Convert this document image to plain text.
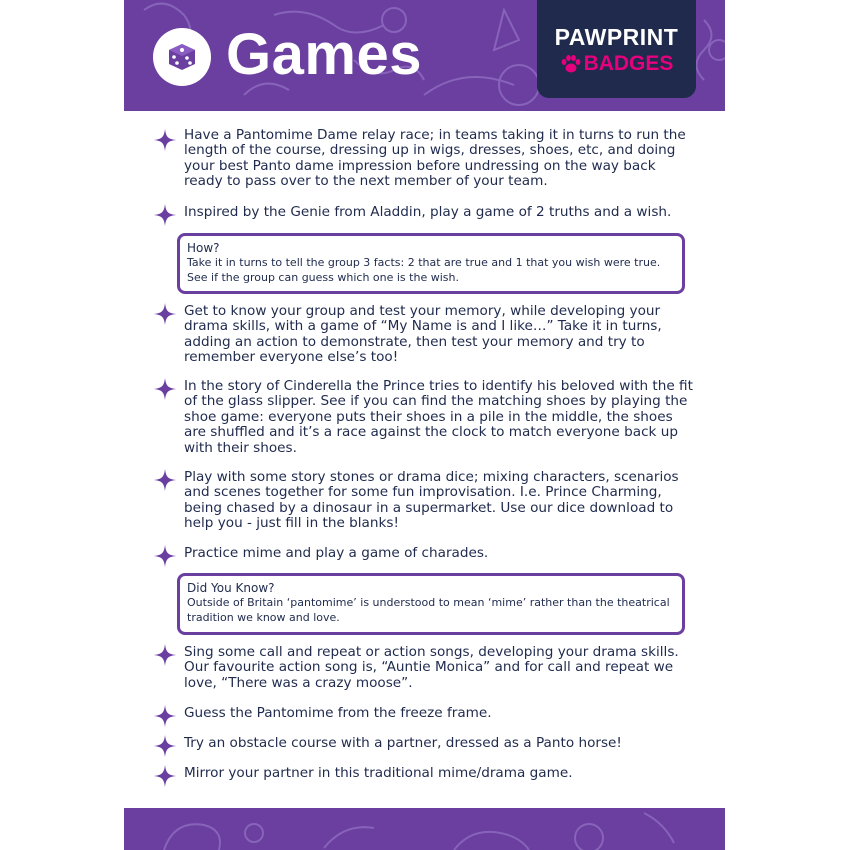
Games	PAWPRINT
BADGES
Have a Pantomime Dame relay race; in teams taking it in turns to run the length of the course, dressing up in wigs, dresses, shoes, etc, and doing your best Panto dame impression before undressing on the way back ready to pass over to the next member of your team.
Inspired by the Genie from Aladdin, play a game of 2 truths and a wish.
How?
Take it in turns to tell the group 3 facts: 2 that are true and 1 that you wish were true. See if the group can guess which one is the wish.
Get to know your group and test your memory, while developing your drama skills, with a game of “My Name is and I like…” Take it in turns, adding an action to demonstrate, then test your memory and try to remember everyone else’s too!
In the story of Cinderella the Prince tries to identify his beloved with the fit of the glass slipper. See if you can find the matching shoes by playing the shoe game: everyone puts their shoes in a pile in the middle, the shoes are shuffled and it’s a race against the clock to match everyone back up with their shoes.
Play with some story stones or drama dice; mixing characters, scenarios and scenes together for some fun improvisation. I.e. Prince Charming, being chased by a dinosaur in a supermarket. Use our dice download to help you - just fill in the blanks!
Practice mime and play a game of charades.
Did You Know?
Outside of Britain ‘pantomime’ is understood to mean ‘mime’ rather than the theatrical tradition we know and love.
Sing some call and repeat or action songs, developing your drama skills. Our favourite action song is, “Auntie Monica” and for call and repeat we love, “There was a crazy moose”.
Guess the Pantomime from the freeze frame.
Try an obstacle course with a partner, dressed as a Panto horse!
Mirror your partner in this traditional mime/drama game.
